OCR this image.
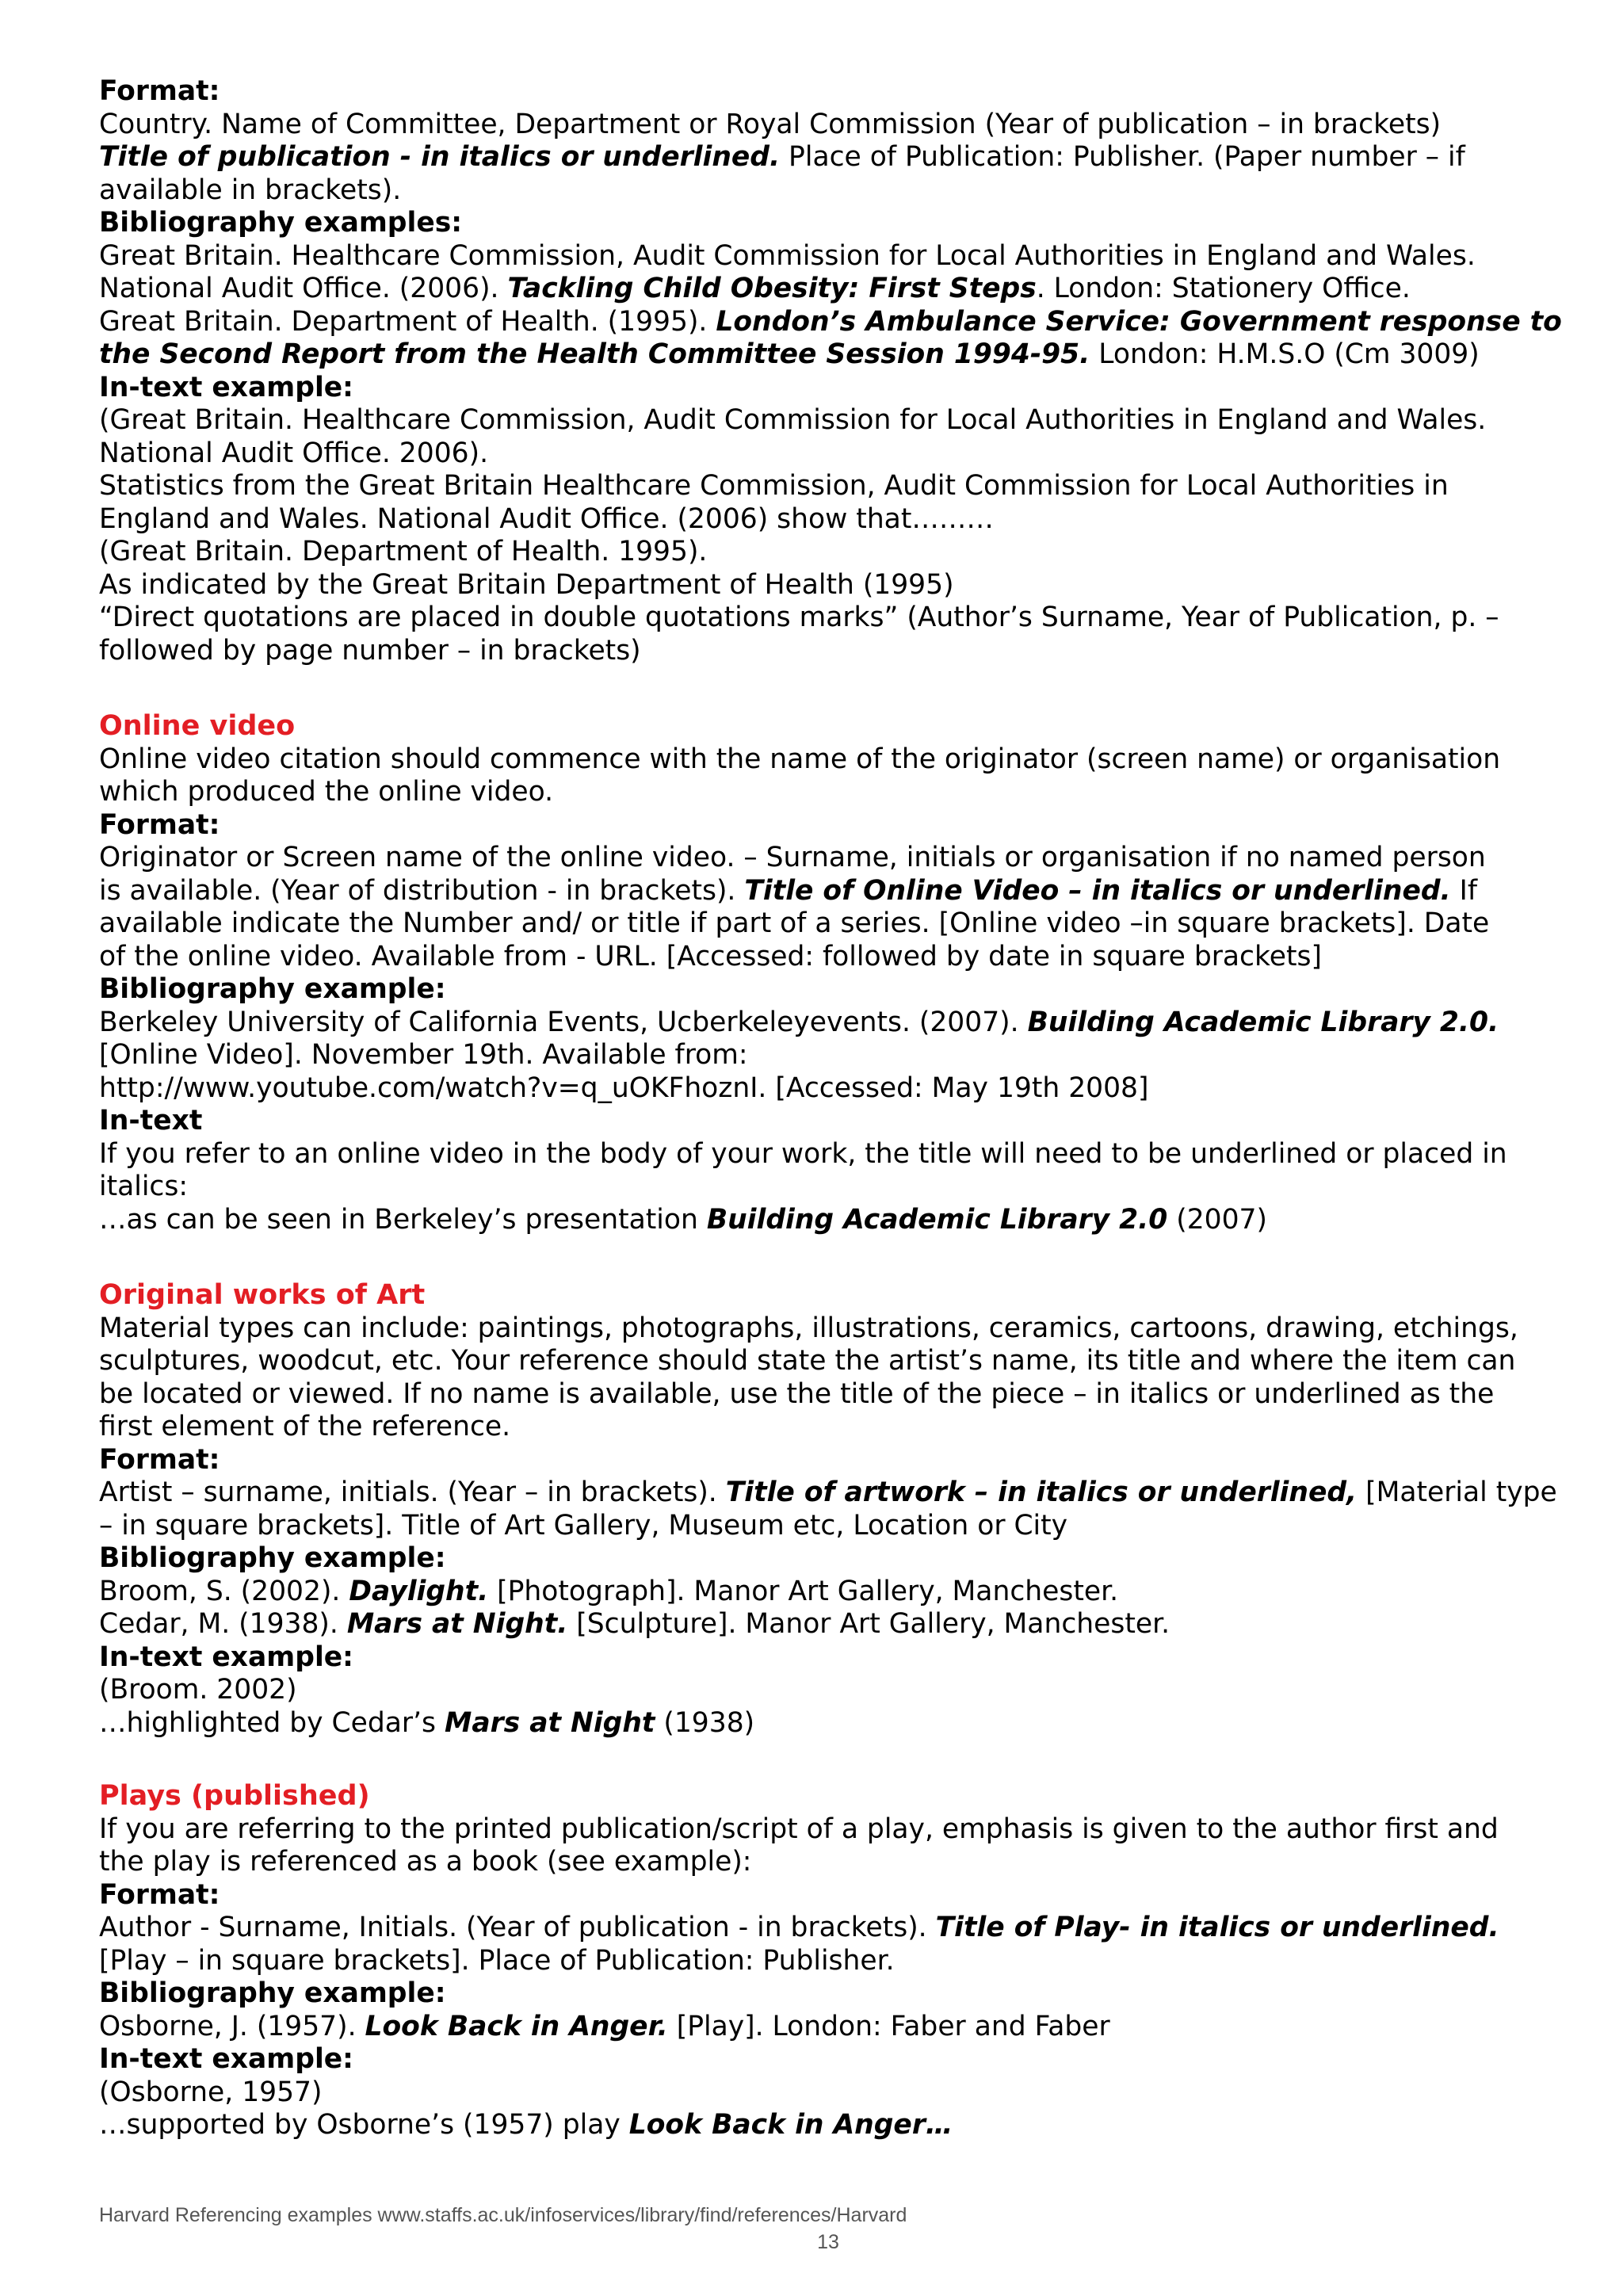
Format:
Country. Name of Committee, Department or Royal Commission (Year of publication – in brackets)
Title of publication - in italics or underlined. Place of Publication: Publisher. (Paper number – if
available in brackets).
Bibliography examples:
Great Britain. Healthcare Commission, Audit Commission for Local Authorities in England and Wales.
National Audit Office. (2006). Tackling Child Obesity: First Steps. London: Stationery Office.
Great Britain. Department of Health. (1995). London’s Ambulance Service: Government response to
the Second Report from the Health Committee Session 1994-95. London: H.M.S.O (Cm 3009)
In-text example:
(Great Britain. Healthcare Commission, Audit Commission for Local Authorities in England and Wales.
National Audit Office. 2006).
Statistics from the Great Britain Healthcare Commission, Audit Commission for Local Authorities in
England and Wales. National Audit Office. (2006) show that………
(Great Britain. Department of Health. 1995).
As indicated by the Great Britain Department of Health (1995)
“Direct quotations are placed in double quotations marks” (Author’s Surname, Year of Publication, p. –
followed by page number – in brackets)
Online video
Online video citation should commence with the name of the originator (screen name) or organisation
which produced the online video.
Format:
Originator or Screen name of the online video. – Surname, initials or organisation if no named person
is available. (Year of distribution - in brackets). Title of Online Video – in italics or underlined. If
available indicate the Number and/ or title if part of a series. [Online video –in square brackets]. Date
of the online video. Available from - URL. [Accessed: followed by date in square brackets]
Bibliography example:
Berkeley University of California Events, Ucberkeleyevents. (2007). Building Academic Library 2.0.
[Online Video]. November 19th. Available from:
http://www.youtube.com/watch?v=q_uOKFhoznI. [Accessed: May 19th 2008]
In-text
If you refer to an online video in the body of your work, the title will need to be underlined or placed in
italics:
…as can be seen in Berkeley’s presentation Building Academic Library 2.0 (2007)
Original works of Art
Material types can include: paintings, photographs, illustrations, ceramics, cartoons, drawing, etchings,
sculptures, woodcut, etc. Your reference should state the artist’s name, its title and where the item can
be located or viewed. If no name is available, use the title of the piece – in italics or underlined as the
first element of the reference.
Format:
Artist – surname, initials. (Year – in brackets). Title of artwork – in italics or underlined, [Material type
– in square brackets]. Title of Art Gallery, Museum etc, Location or City
Bibliography example:
Broom, S. (2002). Daylight. [Photograph]. Manor Art Gallery, Manchester.
Cedar, M. (1938). Mars at Night. [Sculpture]. Manor Art Gallery, Manchester.
In-text example:
(Broom. 2002)
…highlighted by Cedar’s Mars at Night (1938)
Plays (published)
If you are referring to the printed publication/script of a play, emphasis is given to the author first and
the play is referenced as a book (see example):
Format:
Author - Surname, Initials. (Year of publication - in brackets). Title of Play- in italics or underlined.
[Play – in square brackets]. Place of Publication: Publisher.
Bibliography example:
Osborne, J. (1957). Look Back in Anger. [Play]. London: Faber and Faber
In-text example:
(Osborne, 1957)
…supported by Osborne’s (1957) play Look Back in Anger…
Harvard Referencing examples www.staffs.ac.uk/infoservices/library/find/references/Harvard
13
